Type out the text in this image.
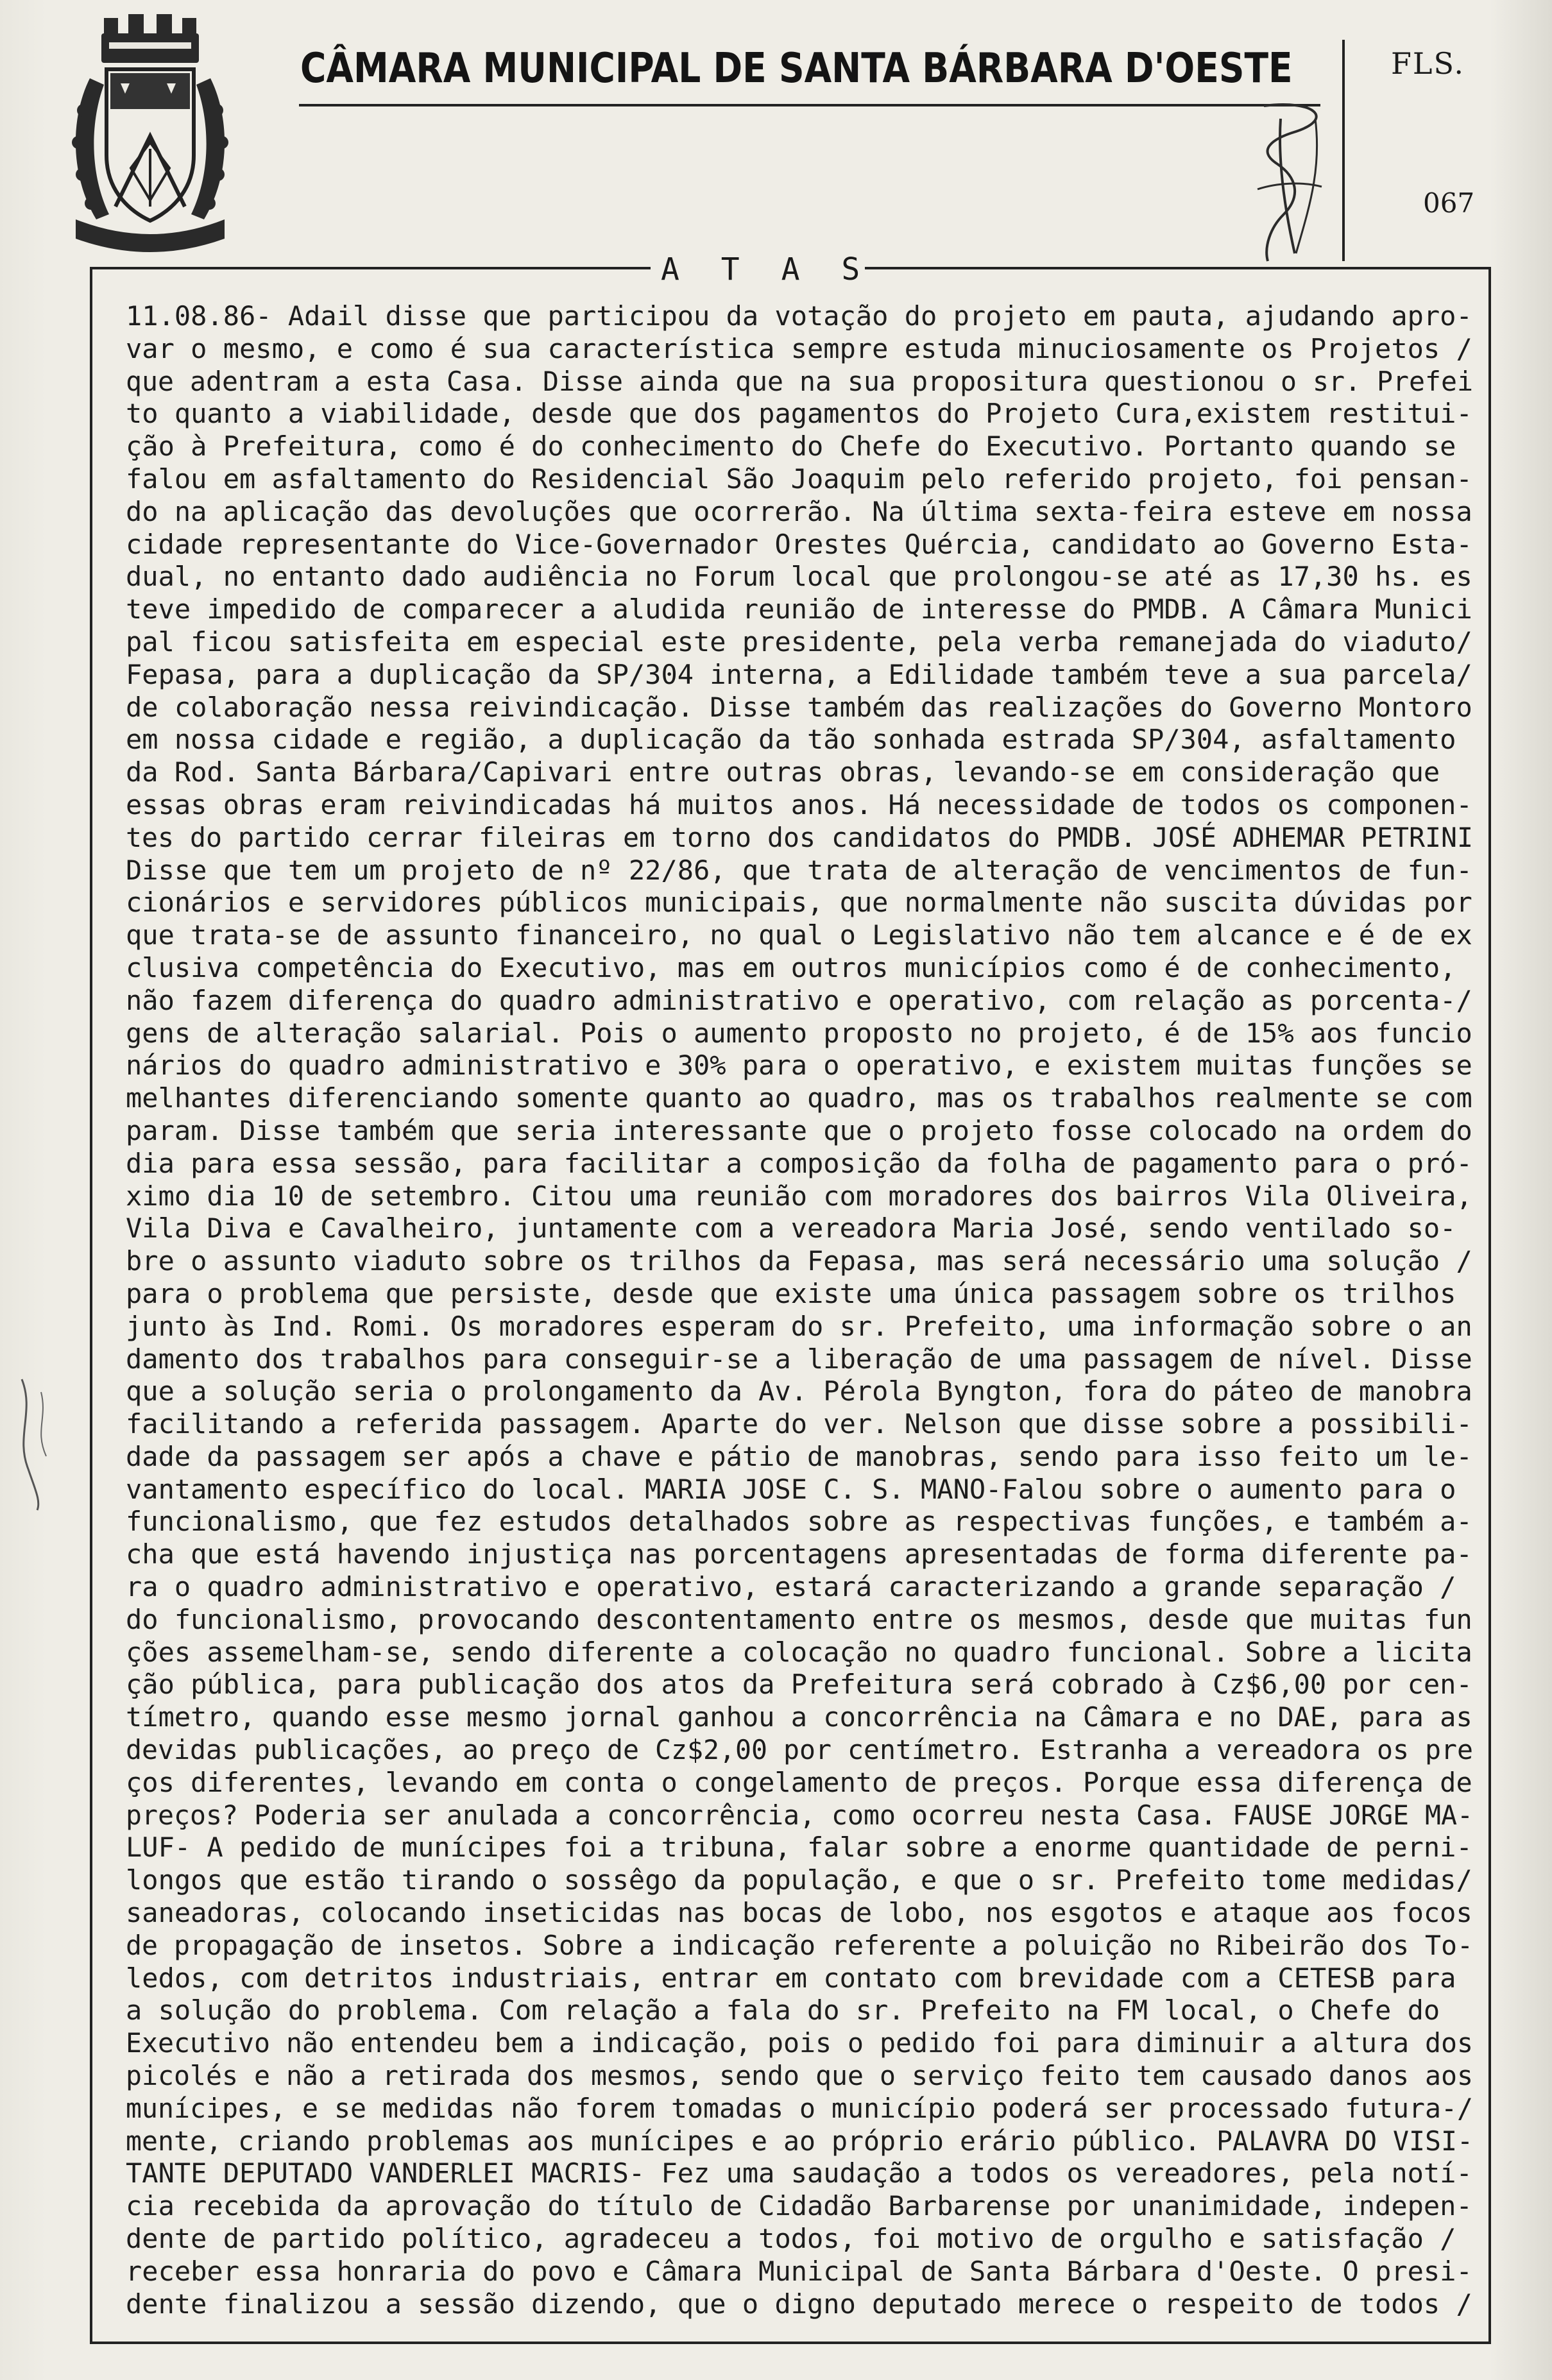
CÂMARA MUNICIPAL DE SANTA BÁRBARA D'OESTE	FLS.
067
A T A S
11.08.86- Adail disse que participou da votação do projeto em pauta, ajudando apro-
var o mesmo, e como é sua característica sempre estuda minuciosamente os Projetos /
que adentram a esta Casa. Disse ainda que na sua propositura questionou o sr. Prefei
to quanto a viabilidade, desde que dos pagamentos do Projeto Cura,existem restitui-
ção à Prefeitura, como é do conhecimento do Chefe do Executivo. Portanto quando se
falou em asfaltamento do Residencial São Joaquim pelo referido projeto, foi pensan-
do na aplicação das devoluções que ocorrerão. Na última sexta-feira esteve em nossa
cidade representante do Vice-Governador Orestes Quércia, candidato ao Governo Esta-
dual, no entanto dado audiência no Forum local que prolongou-se até as 17,30 hs. es
teve impedido de comparecer a aludida reunião de interesse do PMDB. A Câmara Munici
pal ficou satisfeita em especial este presidente, pela verba remanejada do viaduto/
Fepasa, para a duplicação da SP/304 interna, a Edilidade também teve a sua parcela/
de colaboração nessa reivindicação. Disse também das realizações do Governo Montoro
em nossa cidade e região, a duplicação da tão sonhada estrada SP/304, asfaltamento
da Rod. Santa Bárbara/Capivari entre outras obras, levando-se em consideração que
essas obras eram reivindicadas há muitos anos. Há necessidade de todos os componen-
tes do partido cerrar fileiras em torno dos candidatos do PMDB. JOSÉ ADHEMAR PETRINI
Disse que tem um projeto de nº 22/86, que trata de alteração de vencimentos de fun-
cionários e servidores públicos municipais, que normalmente não suscita dúvidas por
que trata-se de assunto financeiro, no qual o Legislativo não tem alcance e é de ex
clusiva competência do Executivo, mas em outros municípios como é de conhecimento,
não fazem diferença do quadro administrativo e operativo, com relação as porcenta-/
gens de alteração salarial. Pois o aumento proposto no projeto, é de 15% aos funcio
nários do quadro administrativo e 30% para o operativo, e existem muitas funções se
melhantes diferenciando somente quanto ao quadro, mas os trabalhos realmente se com
param. Disse também que seria interessante que o projeto fosse colocado na ordem do
dia para essa sessão, para facilitar a composição da folha de pagamento para o pró-
ximo dia 10 de setembro. Citou uma reunião com moradores dos bairros Vila Oliveira,
Vila Diva e Cavalheiro, juntamente com a vereadora Maria José, sendo ventilado so-
bre o assunto viaduto sobre os trilhos da Fepasa, mas será necessário uma solução /
para o problema que persiste, desde que existe uma única passagem sobre os trilhos
junto às Ind. Romi. Os moradores esperam do sr. Prefeito, uma informação sobre o an
damento dos trabalhos para conseguir-se a liberação de uma passagem de nível. Disse
que a solução seria o prolongamento da Av. Pérola Byngton, fora do páteo de manobra
facilitando a referida passagem. Aparte do ver. Nelson que disse sobre a possibili-
dade da passagem ser após a chave e pátio de manobras, sendo para isso feito um le-
vantamento específico do local. MARIA JOSE C. S. MANO-Falou sobre o aumento para o
funcionalismo, que fez estudos detalhados sobre as respectivas funções, e também a-
cha que está havendo injustiça nas porcentagens apresentadas de forma diferente pa-
ra o quadro administrativo e operativo, estará caracterizando a grande separação /
do funcionalismo, provocando descontentamento entre os mesmos, desde que muitas fun
ções assemelham-se, sendo diferente a colocação no quadro funcional. Sobre a licita
ção pública, para publicação dos atos da Prefeitura será cobrado à Cz$6,00 por cen-
tímetro, quando esse mesmo jornal ganhou a concorrência na Câmara e no DAE, para as
devidas publicações, ao preço de Cz$2,00 por centímetro. Estranha a vereadora os pre
ços diferentes, levando em conta o congelamento de preços. Porque essa diferença de
preços? Poderia ser anulada a concorrência, como ocorreu nesta Casa. FAUSE JORGE MA-
LUF- A pedido de munícipes foi a tribuna, falar sobre a enorme quantidade de perni-
longos que estão tirando o sossêgo da população, e que o sr. Prefeito tome medidas/
saneadoras, colocando inseticidas nas bocas de lobo, nos esgotos e ataque aos focos
de propagação de insetos. Sobre a indicação referente a poluição no Ribeirão dos To-
ledos, com detritos industriais, entrar em contato com brevidade com a CETESB para
a solução do problema. Com relação a fala do sr. Prefeito na FM local, o Chefe do
Executivo não entendeu bem a indicação, pois o pedido foi para diminuir a altura dos
picolés e não a retirada dos mesmos, sendo que o serviço feito tem causado danos aos
munícipes, e se medidas não forem tomadas o município poderá ser processado futura-/
mente, criando problemas aos munícipes e ao próprio erário público. PALAVRA DO VISI-
TANTE DEPUTADO VANDERLEI MACRIS- Fez uma saudação a todos os vereadores, pela notí-
cia recebida da aprovação do título de Cidadão Barbarense por unanimidade, indepen-
dente de partido político, agradeceu a todos, foi motivo de orgulho e satisfação /
receber essa honraria do povo e Câmara Municipal de Santa Bárbara d'Oeste. O presi-
dente finalizou a sessão dizendo, que o digno deputado merece o respeito de todos /
